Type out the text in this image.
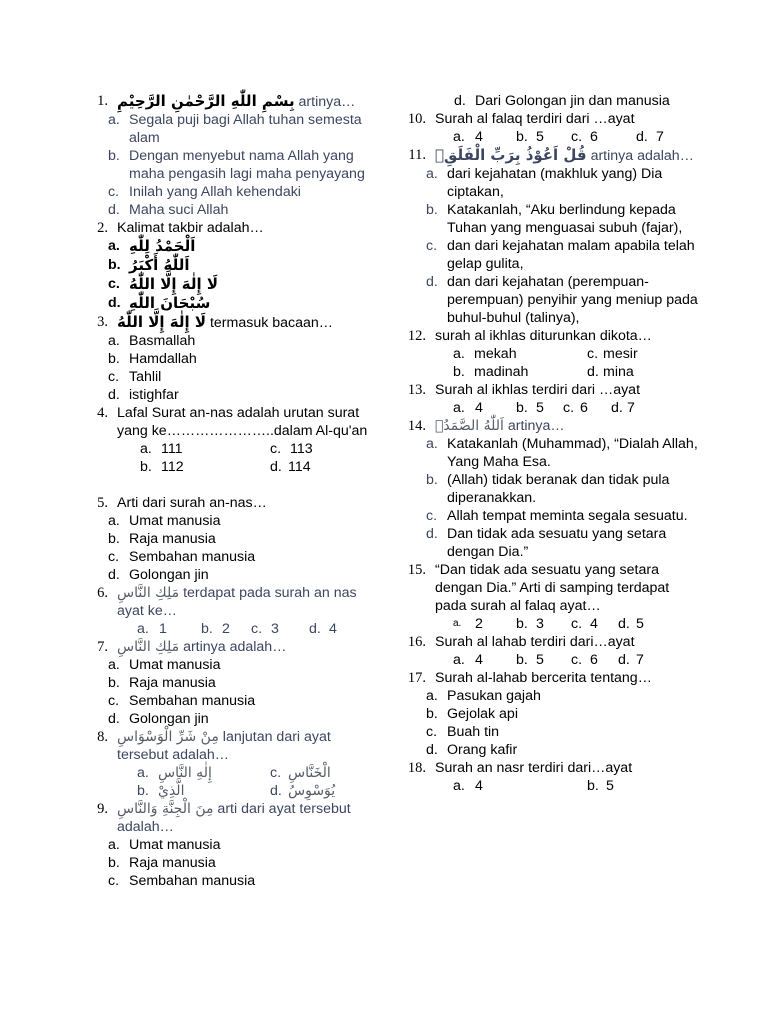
1. بِسْمِ اللّٰهِ الرَّحْمٰنِ الرَّحِيْمِ artinya…
a. Segala puji bagi Allah tuhan semesta alam
b. Dengan menyebut nama Allah yang maha pengasih lagi maha penyayang
c. Inilah yang Allah kehendaki
d. Maha suci Allah
2. Kalimat takbir adalah…
a. اَلْحَمْدُ لِلّٰهِ
b. اَللّٰهُ أَكْبَرُ
c. لَا إِلٰهَ إِلَّا اللّٰهُ
d. سُبْحَانَ اللّٰهِ
3. لَا إِلٰهَ إِلَّا اللّٰهُ termasuk bacaan…
a. Basmallah
b. Hamdallah
c. Tahlil
d. istighfar
4. Lafal Surat an-nas adalah urutan surat yang ke…………………..dalam Al-qu'an
a. 111	c. 113
b. 112	d. 114
5. Arti dari surah an-nas…
a. Umat manusia
b. Raja manusia
c. Sembahan manusia
d. Golongan jin
6. مَلِكِ النَّاسِ terdapat pada surah an nas ayat ke…
a. 1 b. 2 c. 3 d. 4
7. مَلِكِ النَّاسِ artinya adalah…
a. Umat manusia
b. Raja manusia
c. Sembahan manusia
d. Golongan jin
8. مِنْ شَرِّ الْوَسْوَاسِ lanjutan dari ayat tersebut adalah…
a. إِلٰهِ النَّاسِ	c. الْخَنَّاسِ
b. الَّذِيْ	d. يُوَسْوِسُ
9. مِنَ الْجِنَّةِ وَالنَّاسِ arti dari ayat tersebut adalah…
a. Umat manusia
b. Raja manusia
c. Sembahan manusia
d. Dari Golongan jin dan manusia
10. Surah al falaq terdiri dari …ayat
a. 4 b. 5 c. 6	d. 7
11. قُلْ اَعُوْذُ بِرَبِّ الْفَلَقِۙ artinya adalah…
a. dari kejahatan (makhluk yang) Dia ciptakan,
b. Katakanlah, “Aku berlindung kepada Tuhan yang menguasai subuh (fajar),
c. dan dari kejahatan malam apabila telah gelap gulita,
d. dan dari kejahatan (perempuan-perempuan) penyihir yang meniup pada buhul-buhul (talinya),
12. surah al ikhlas diturunkan dikota…
a. mekah	c. mesir
b. madinah	d. mina
13. Surah al ikhlas terdiri dari …ayat
a. 4 b. 5 c. 6 d. 7
14. اَللّٰهُ الصَّمَدُۚ artinya…
a. Katakanlah (Muhammad), “Dialah Allah, Yang Maha Esa.
b. (Allah) tidak beranak dan tidak pula diperanakkan.
c. Allah tempat meminta segala sesuatu.
d. Dan tidak ada sesuatu yang setara dengan Dia.”
15. “Dan tidak ada sesuatu yang setara dengan Dia.” Arti di samping terdapat pada surah al falaq ayat…
a. 2 b. 3 c. 4 d. 5
16. Surah al lahab terdiri dari…ayat
a. 4 b. 5 c. 6 d. 7
17. Surah al-lahab bercerita tentang…
a. Pasukan gajah
b. Gejolak api
c. Buah tin
d. Orang kafir
18. Surah an nasr terdiri dari…ayat
a. 4	b. 5
